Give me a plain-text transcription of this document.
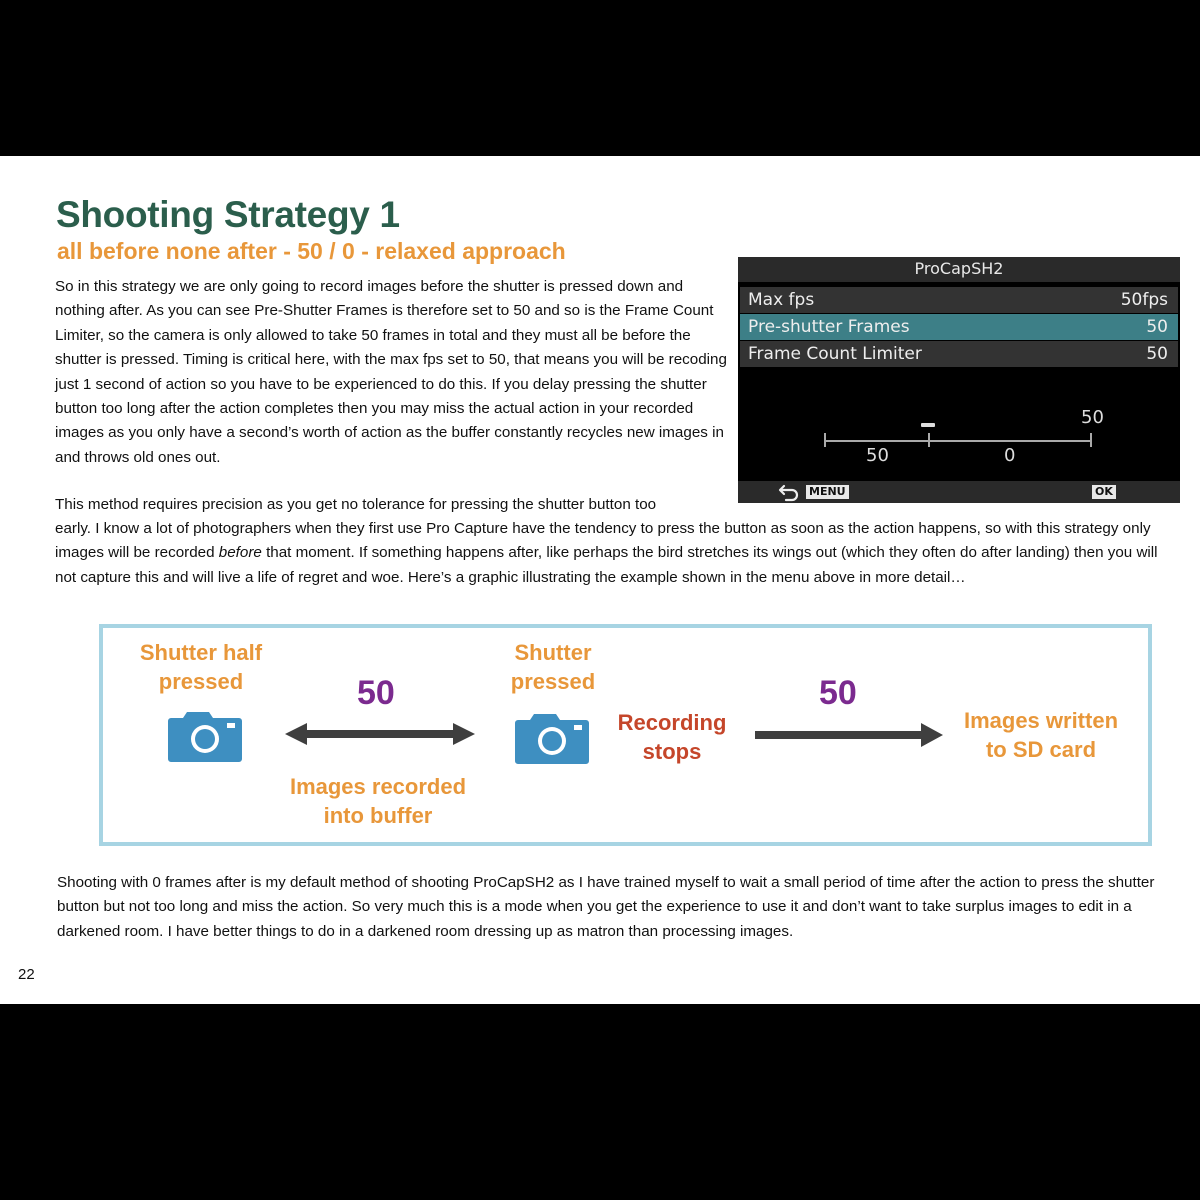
Shooting Strategy 1
all before none after - 50 / 0 - relaxed approach

So in this strategy we are only going to record images before the shutter is pressed down and nothing after. As you can see Pre-Shutter Frames is therefore set to 50 and so is the Frame Count Limiter, so the camera is only allowed to take 50 frames in total and they must all be before the shutter is pressed. Timing is critical here, with the max fps set to 50, that means you will be recoding just 1 second of action so you have to be experienced to do this. If you delay pressing the shutter button too long after the action completes then you may miss the actual action in your recorded images as you only have a second’s worth of action as the buffer constantly recycles new images in and throws old ones out.

ProCapSH2
Max fps	50fps
Pre-shutter Frames	50
Frame Count Limiter	50
50
50	0
MENU	OK

This method requires precision as you get no tolerance for pressing the shutter button too

early. I know a lot of photographers when they first use Pro Capture have the tendency to press the button as soon as the action happens, so with this strategy only images will be recorded before that moment. If something happens after, like perhaps the bird stretches its wings out (which they often do after landing) then you will not capture this and will live a life of regret and woe. Here’s a graphic illustrating the example shown in the menu above in more detail…

Shutter half pressed	50

Images recorded into buffer

Shutter pressed

Recording stops

50

Images written to SD card

Shooting with 0 frames after is my default method of shooting ProCapSH2 as I have trained myself to wait a small period of time after the action to press the shutter button but not too long and miss the action. So very much this is a mode when you get the experience to use it and don’t want to take surplus images to edit in a darkened room. I have better things to do in a darkened room dressing up as matron than processing images.

22
